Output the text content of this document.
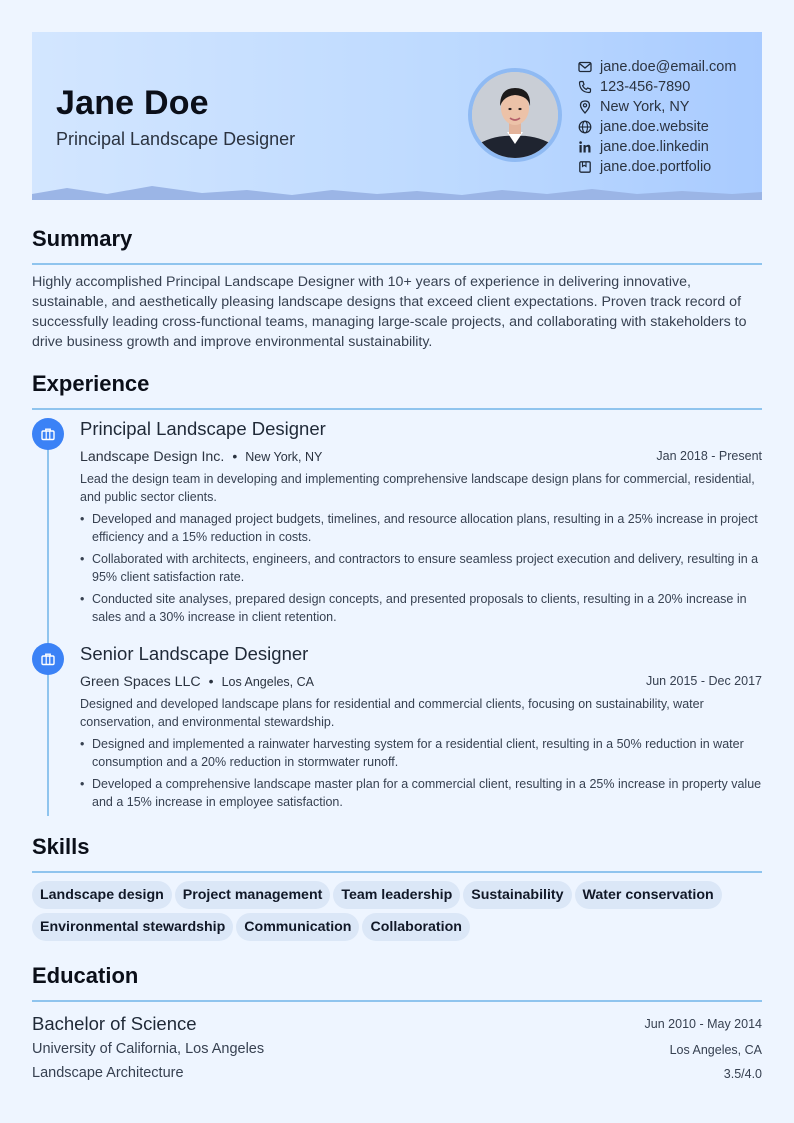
Jane Doe
Principal Landscape Designer
jane.doe@email.com
123-456-7890
New York, NY
jane.doe.website
jane.doe.linkedin
jane.doe.portfolio
Summary
Highly accomplished Principal Landscape Designer with 10+ years of experience in delivering innovative, sustainable, and aesthetically pleasing landscape designs that exceed client expectations. Proven track record of successfully leading cross-functional teams, managing large-scale projects, and collaborating with stakeholders to drive business growth and improve environmental sustainability.
Experience
Principal Landscape Designer
Landscape Design Inc. • New York, NY	Jan 2018 - Present
Lead the design team in developing and implementing comprehensive landscape design plans for commercial, residential, and public sector clients.
• Developed and managed project budgets, timelines, and resource allocation plans, resulting in a 25% increase in project efficiency and a 15% reduction in costs.
• Collaborated with architects, engineers, and contractors to ensure seamless project execution and delivery, resulting in a 95% client satisfaction rate.
• Conducted site analyses, prepared design concepts, and presented proposals to clients, resulting in a 20% increase in sales and a 30% increase in client retention.
Senior Landscape Designer
Green Spaces LLC • Los Angeles, CA	Jun 2015 - Dec 2017
Designed and developed landscape plans for residential and commercial clients, focusing on sustainability, water conservation, and environmental stewardship.
• Designed and implemented a rainwater harvesting system for a residential client, resulting in a 50% reduction in water consumption and a 20% reduction in stormwater runoff.
• Developed a comprehensive landscape master plan for a commercial client, resulting in a 25% increase in property value and a 15% increase in employee satisfaction.
Skills
Landscape design Project management Team leadership Sustainability Water conservation
Environmental stewardship Communication Collaboration
Education
Bachelor of Science	Jun 2010 - May 2014
University of California, Los Angeles	Los Angeles, CA
Landscape Architecture	3.5/4.0
